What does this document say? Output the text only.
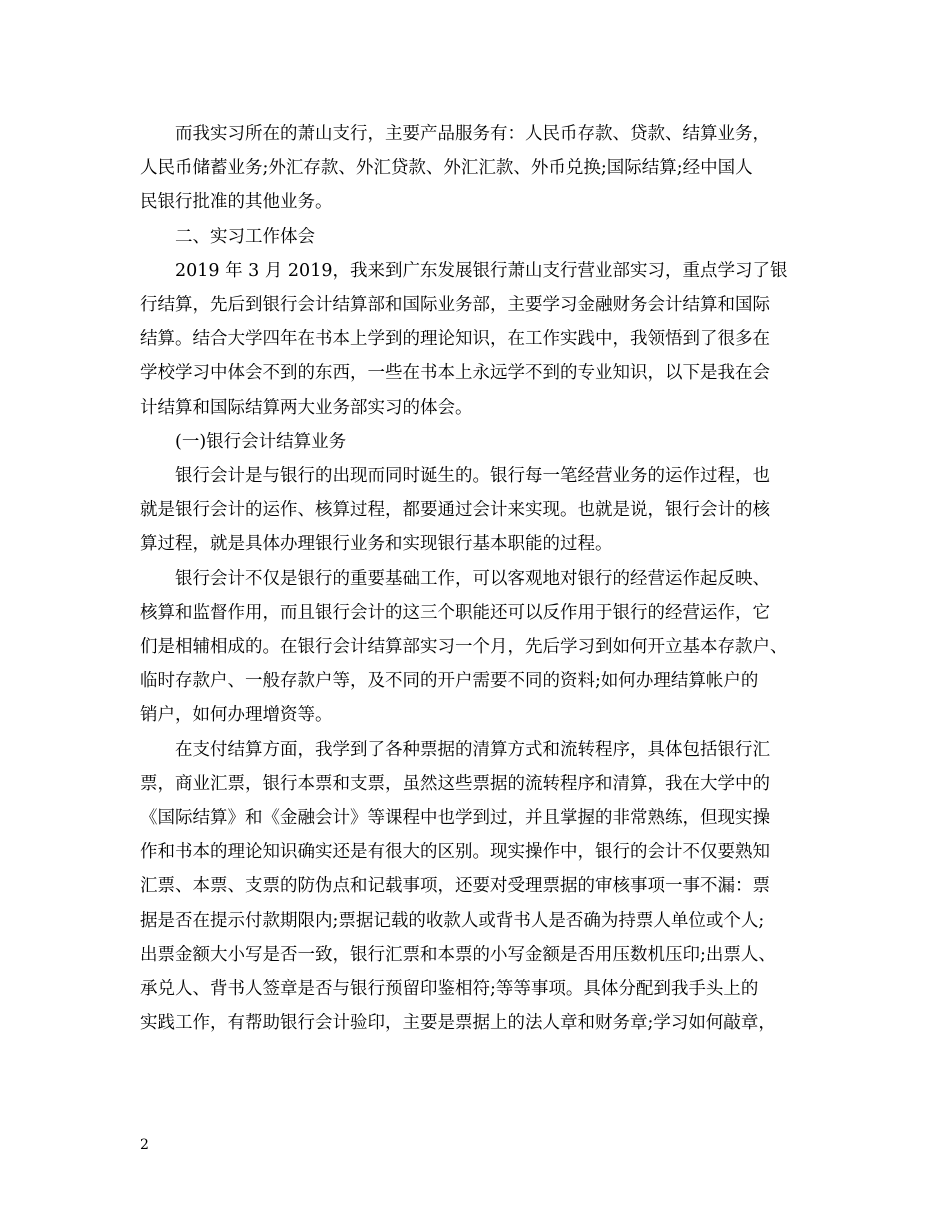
而我实习所在的萧山支行，主要产品服务有：人民币存款、贷款、结算业务，
人民币储蓄业务;外汇存款、外汇贷款、外汇汇款、外币兑换;国际结算;经中国人
民银行批准的其他业务。

二、实习工作体会

2019 年 3 月 2019，我来到广东发展银行萧山支行营业部实习，重点学习了银
行结算，先后到银行会计结算部和国际业务部，主要学习金融财务会计结算和国际
结算。结合大学四年在书本上学到的理论知识，在工作实践中，我领悟到了很多在
学校学习中体会不到的东西，一些在书本上永远学不到的专业知识，以下是我在会
计结算和国际结算两大业务部实习的体会。

(一)银行会计结算业务

银行会计是与银行的出现而同时诞生的。银行每一笔经营业务的运作过程，也
就是银行会计的运作、核算过程，都要通过会计来实现。也就是说，银行会计的核
算过程，就是具体办理银行业务和实现银行基本职能的过程。

银行会计不仅是银行的重要基础工作，可以客观地对银行的经营运作起反映、
核算和监督作用，而且银行会计的这三个职能还可以反作用于银行的经营运作，它
们是相辅相成的。在银行会计结算部实习一个月，先后学习到如何开立基本存款户、
临时存款户、一般存款户等，及不同的开户需要不同的资料;如何办理结算帐户的
销户，如何办理增资等。

在支付结算方面，我学到了各种票据的清算方式和流转程序，具体包括银行汇
票，商业汇票，银行本票和支票，虽然这些票据的流转程序和清算，我在大学中的
《国际结算》和《金融会计》等课程中也学到过，并且掌握的非常熟练，但现实操
作和书本的理论知识确实还是有很大的区别。现实操作中，银行的会计不仅要熟知
汇票、本票、支票的防伪点和记载事项，还要对受理票据的审核事项一事不漏：票
据是否在提示付款期限内;票据记载的收款人或背书人是否确为持票人单位或个人;
出票金额大小写是否一致，银行汇票和本票的小写金额是否用压数机压印;出票人、
承兑人、背书人签章是否与银行预留印鉴相符;等等事项。具体分配到我手头上的
实践工作，有帮助银行会计验印，主要是票据上的法人章和财务章;学习如何敲章，

2
